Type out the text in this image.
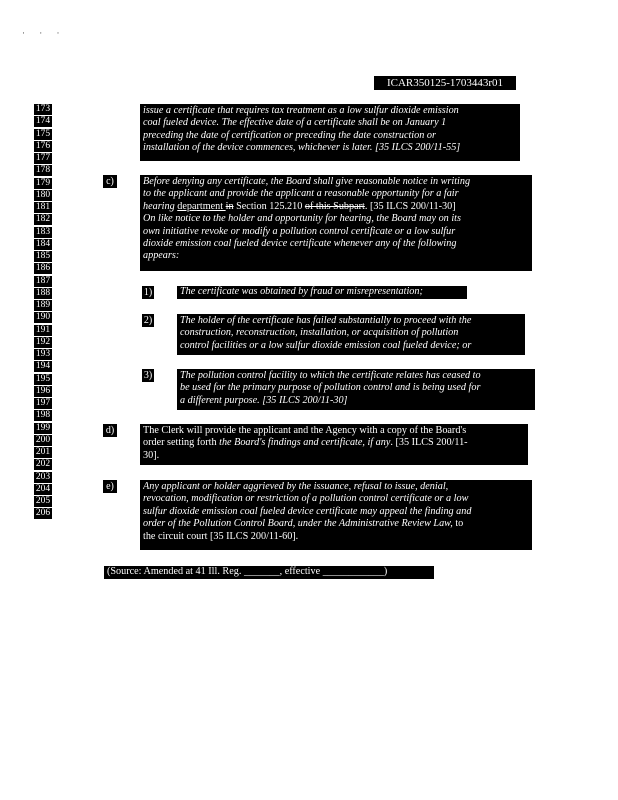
· · ·
ICAR350125-1703443r01
173
174
175
176
177
178
179
180
181
182
183
184
185
186
187
188
189
190
191
192
193
194
195
196
197
198
199
200
201
202
203
204
205
206

issue a certificate that requires tax treatment as a low sulfur dioxide emission

coal fueled device. The effective date of a certificate shall be on January 1

preceding the date of certification or preceding the date construction or

installation of the device commences, whichever is later. [35 ILCS 200/11-55]

c)	Before denying any certificate, the Board shall give reasonable notice in writing

to the applicant and provide the applicant a reasonable opportunity for a fair

hearing department in Section 125.210 of this Subpart. [35 ILCS 200/11-30]

On like notice to the holder and opportunity for hearing, the Board may on its

own initiative revoke or modify a pollution control certificate or a low sulfur

dioxide emission coal fueled device certificate whenever any of the following

appears:

1)	The certificate was obtained by fraud or misrepresentation;

2)	The holder of the certificate has failed substantially to proceed with the

construction, reconstruction, installation, or acquisition of pollution

control facilities or a low sulfur dioxide emission coal fueled device; or

3)	The pollution control facility to which the certificate relates has ceased to

be used for the primary purpose of pollution control and is being used for

a different purpose. [35 ILCS 200/11-30]

d)	The Clerk will provide the applicant and the Agency with a copy of the Board's

order setting forth the Board's findings and certificate, if any. [35 ILCS 200/11-

30].

e)	Any applicant or holder aggrieved by the issuance, refusal to issue, denial,

revocation, modification or restriction of a pollution control certificate or a low

sulfur dioxide emission coal fueled device certificate may appeal the finding and

order of the Pollution Control Board, under the Administrative Review Law, to

the circuit court [35 ILCS 200/11-60].

(Source: Amended at 41 Ill. Reg. _______, effective ____________)
